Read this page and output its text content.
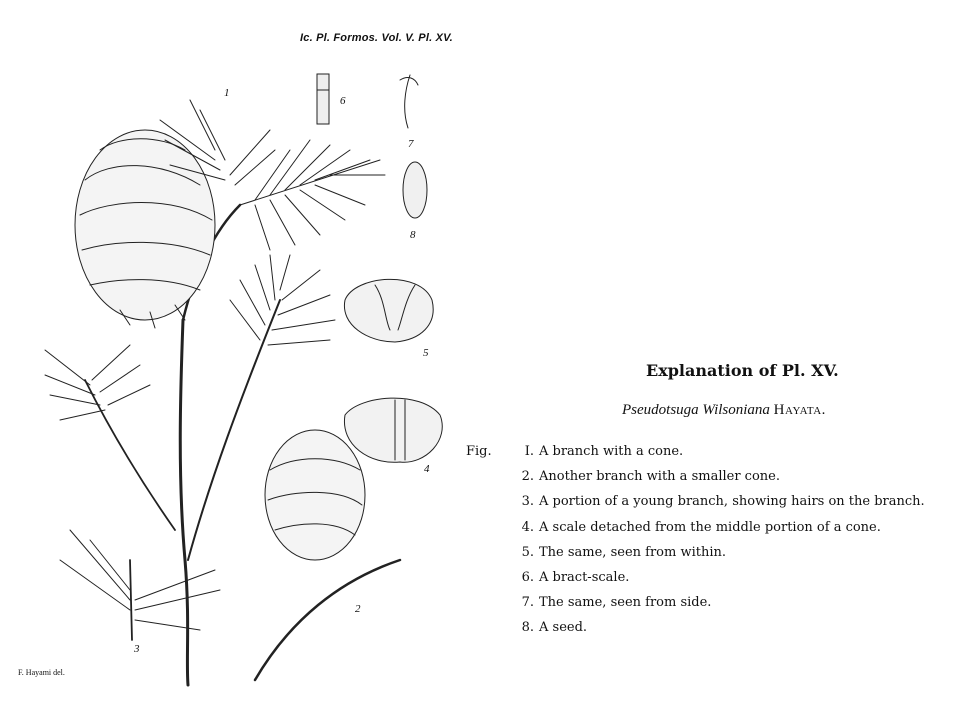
Ic. Pl. Formos. Vol. V. Pl. XV.
1
2
3
4
5
6
7
8
F. Hayami del.
Explanation of Pl. XV.
Pseudotsuga Wilsoniana Hayata.
Fig.	I. A branch with a cone.
2. Another branch with a smaller cone.
3. A portion of a young branch, showing hairs on the branch.
4. A scale detached from the middle portion of a cone.
5. The same, seen from within.
6. A bract-scale.
7. The same, seen from side.
8. A seed.
